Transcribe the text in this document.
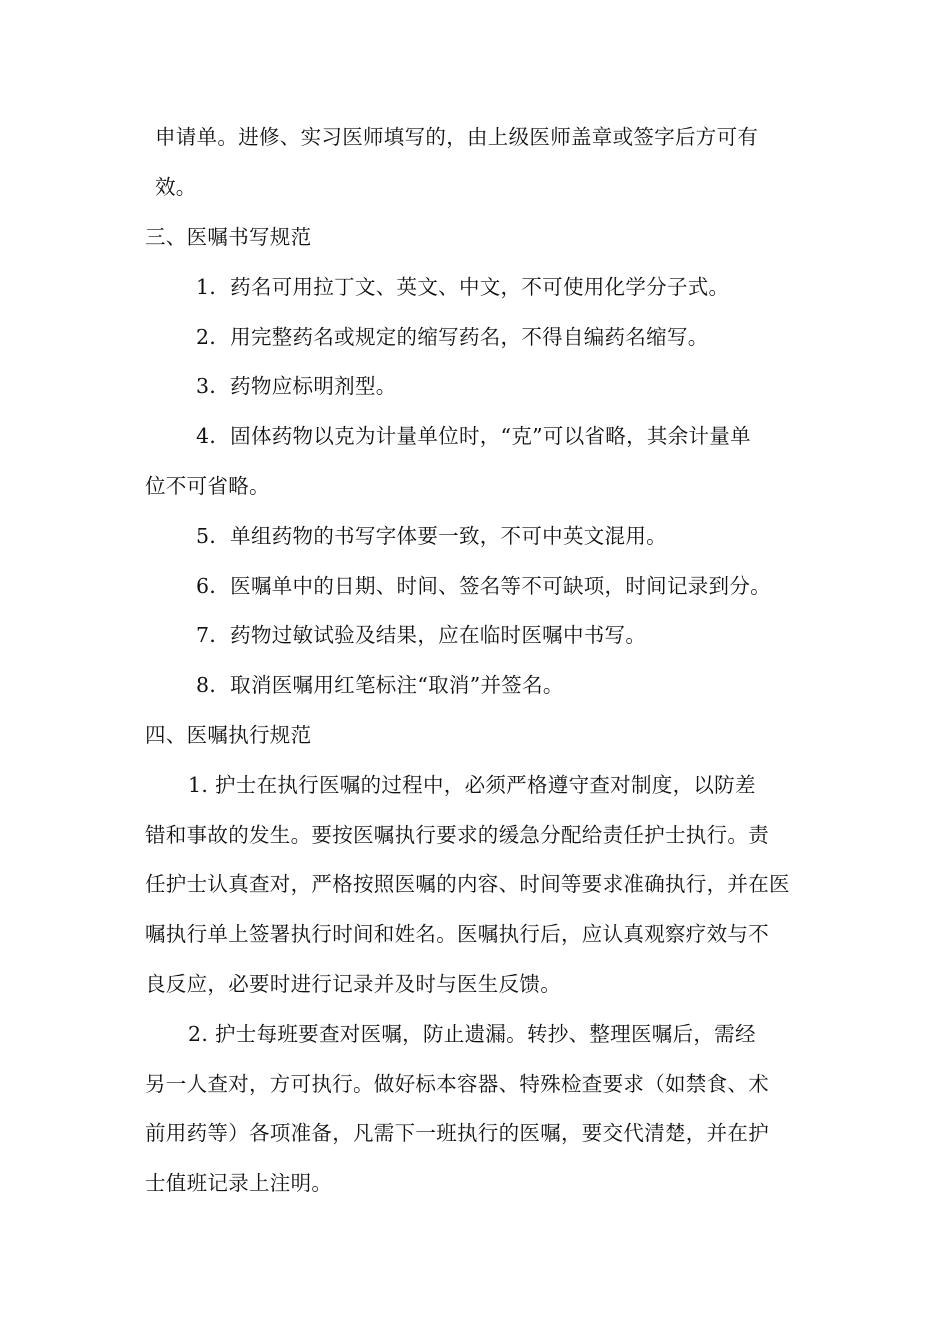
申请单。进修、实习医师填写的，由上级医师盖章或签字后方可有
效。
三、医嘱书写规范
1．药名可用拉丁文、英文、中文，不可使用化学分子式。
2．用完整药名或规定的缩写药名，不得自编药名缩写。
3．药物应标明剂型。
4．固体药物以克为计量单位时，“克”可以省略，其余计量单
位不可省略。
5．单组药物的书写字体要一致，不可中英文混用。
6．医嘱单中的日期、时间、签名等不可缺项，时间记录到分。
7．药物过敏试验及结果，应在临时医嘱中书写。
8．取消医嘱用红笔标注“取消”并签名。
四、医嘱执行规范
1. 护士在执行医嘱的过程中，必须严格遵守查对制度，以防差
错和事故的发生。要按医嘱执行要求的缓急分配给责任护士执行。责
任护士认真查对，严格按照医嘱的内容、时间等要求准确执行，并在医
嘱执行单上签署执行时间和姓名。医嘱执行后，应认真观察疗效与不
良反应，必要时进行记录并及时与医生反馈。
2. 护士每班要查对医嘱，防止遗漏。转抄、整理医嘱后，需经
另一人查对，方可执行。做好标本容器、特殊检查要求（如禁食、术
前用药等）各项准备，凡需下一班执行的医嘱，要交代清楚，并在护
士值班记录上注明。
